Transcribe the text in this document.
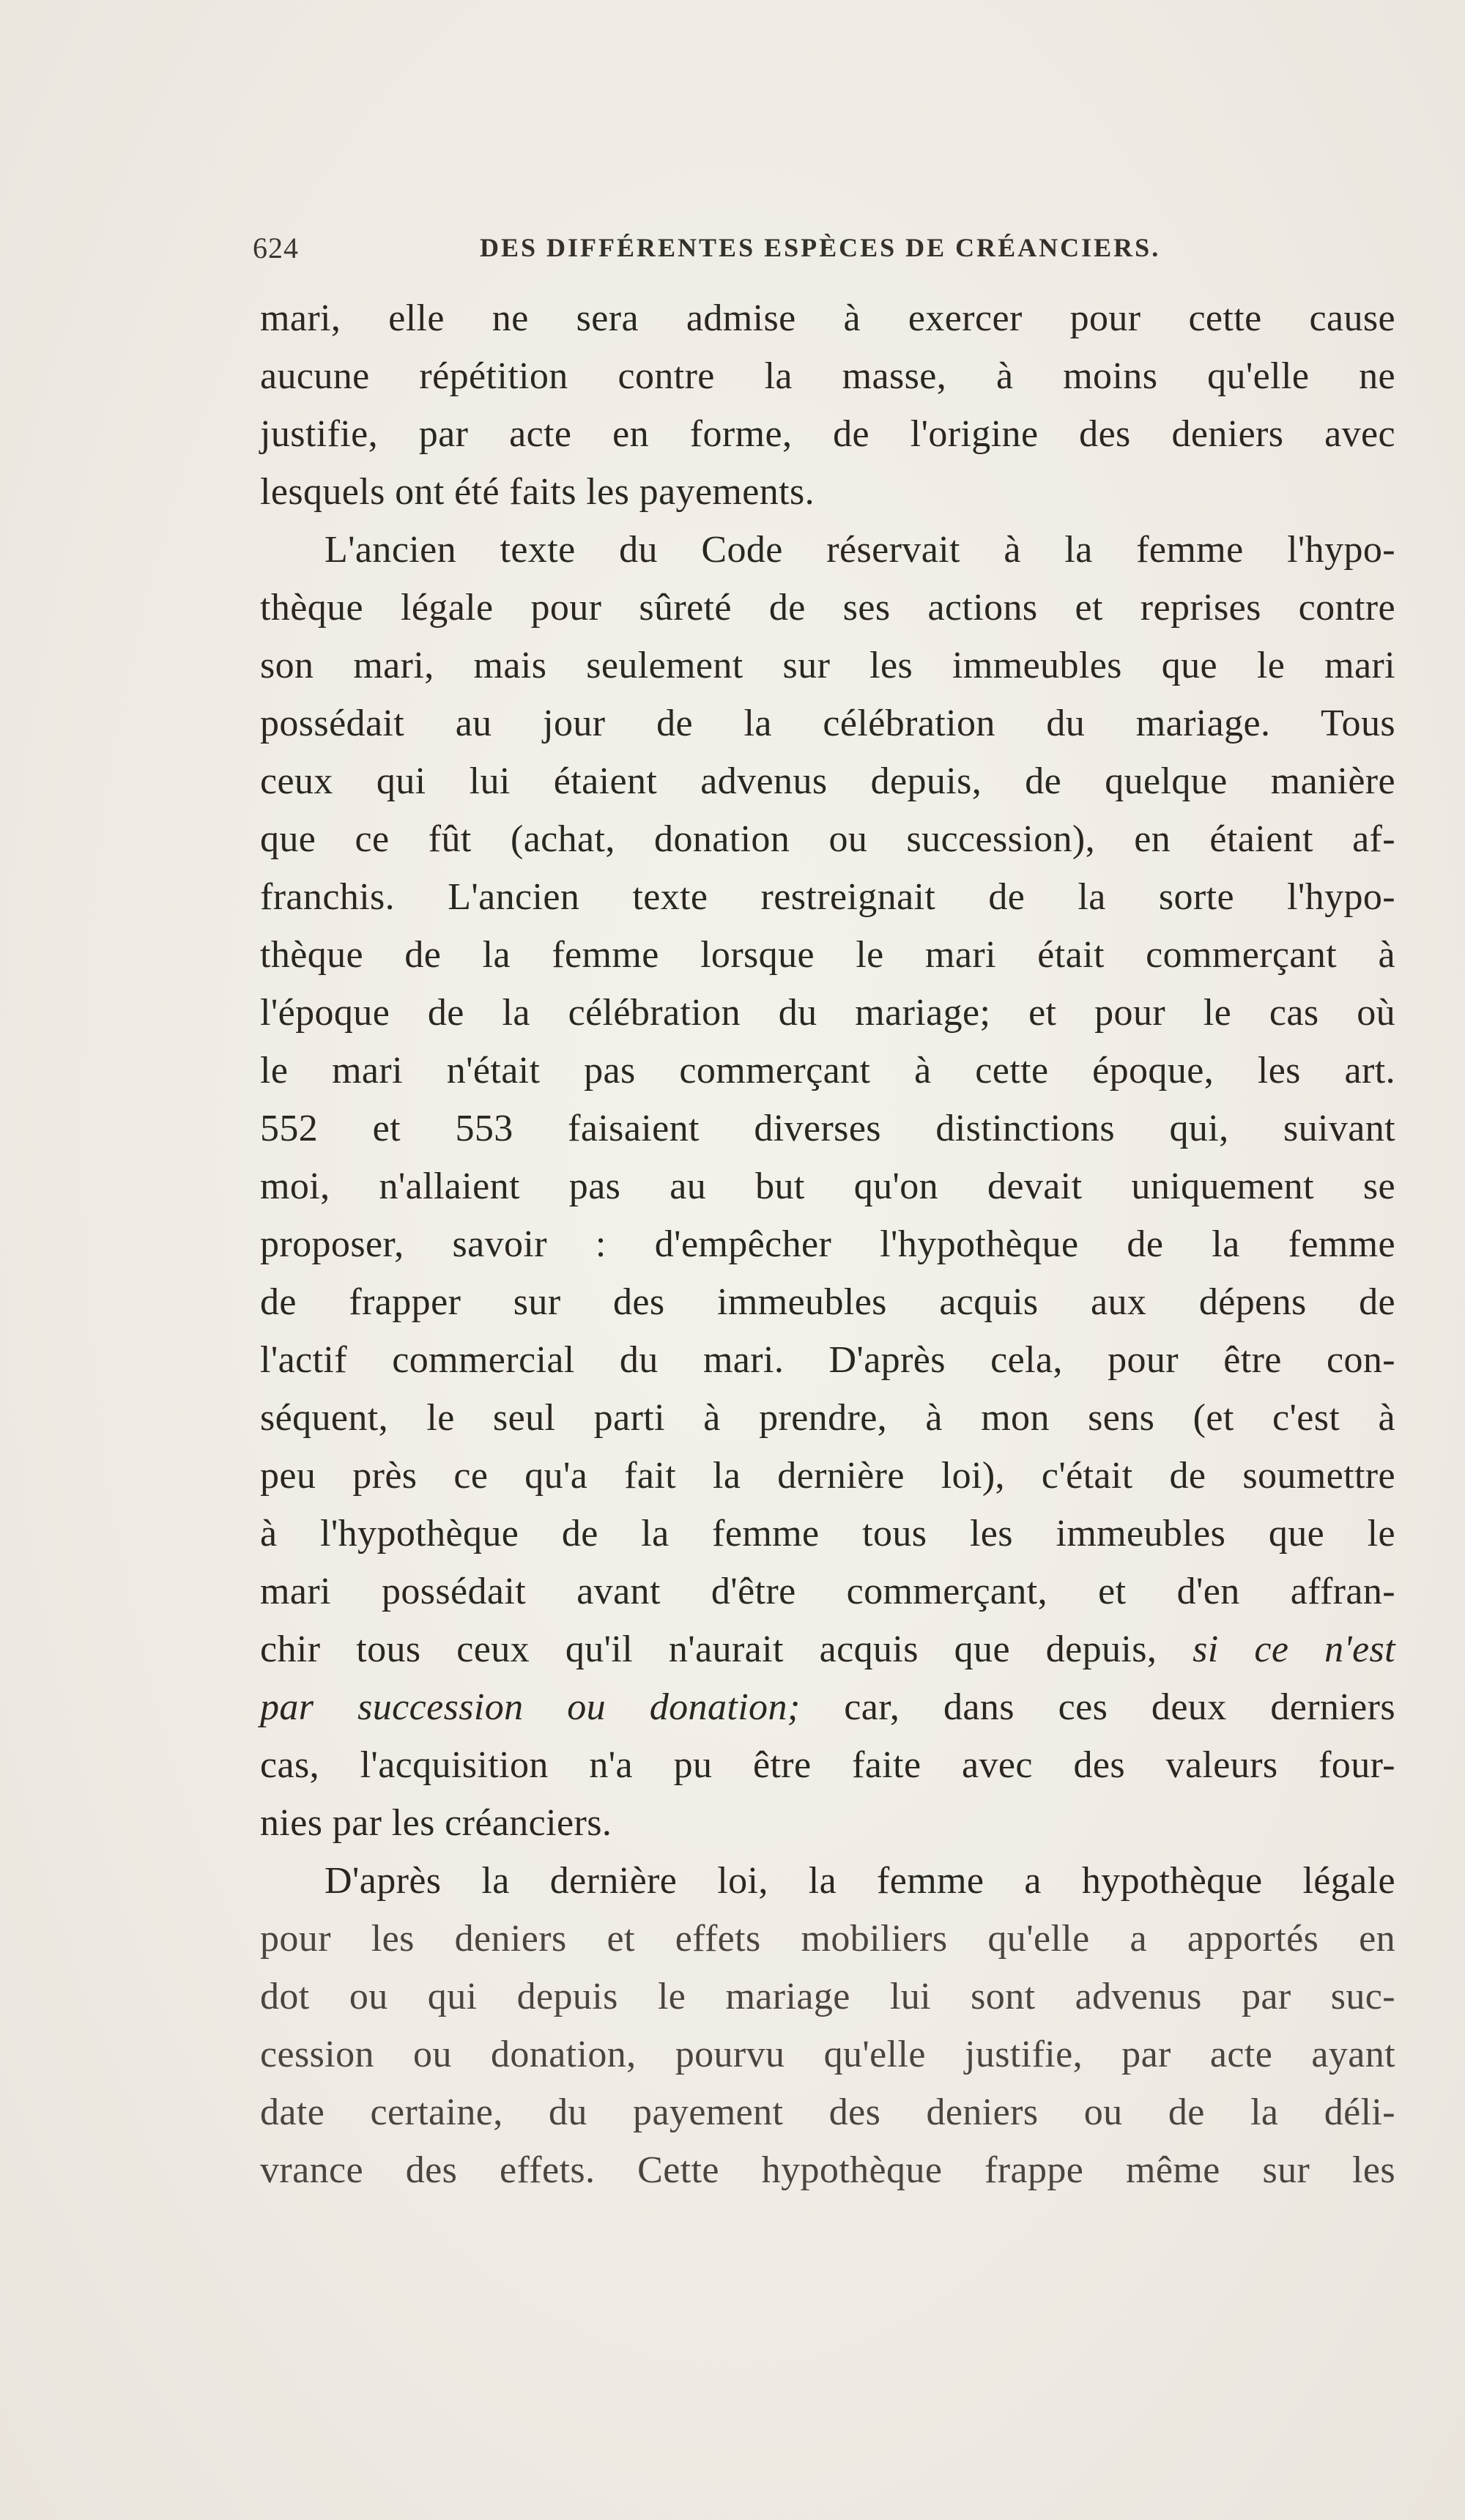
624	DES DIFFÉRENTES ESPÈCES DE CRÉANCIERS.
mari, elle ne sera admise à exercer pour cette cause
aucune répétition contre la masse, à moins qu'elle ne
justifie, par acte en forme, de l'origine des deniers avec
lesquels ont été faits les payements.
L'ancien texte du Code réservait à la femme l'hypo-
thèque légale pour sûreté de ses actions et reprises contre
son mari, mais seulement sur les immeubles que le mari
possédait au jour de la célébration du mariage. Tous
ceux qui lui étaient advenus depuis, de quelque manière
que ce fût (achat, donation ou succession), en étaient af-
franchis. L'ancien texte restreignait de la sorte l'hypo-
thèque de la femme lorsque le mari était commerçant à
l'époque de la célébration du mariage; et pour le cas où
le mari n'était pas commerçant à cette époque, les art.
552 et 553 faisaient diverses distinctions qui, suivant
moi, n'allaient pas au but qu'on devait uniquement se
proposer, savoir : d'empêcher l'hypothèque de la femme
de frapper sur des immeubles acquis aux dépens de
l'actif commercial du mari. D'après cela, pour être con-
séquent, le seul parti à prendre, à mon sens (et c'est à
peu près ce qu'a fait la dernière loi), c'était de soumettre
à l'hypothèque de la femme tous les immeubles que le
mari possédait avant d'être commerçant, et d'en affran-
chir tous ceux qu'il n'aurait acquis que depuis, si ce n'est
par succession ou donation; car, dans ces deux derniers
cas, l'acquisition n'a pu être faite avec des valeurs four-
nies par les créanciers.
D'après la dernière loi, la femme a hypothèque légale
pour les deniers et effets mobiliers qu'elle a apportés en
dot ou qui depuis le mariage lui sont advenus par suc-
cession ou donation, pourvu qu'elle justifie, par acte ayant
date certaine, du payement des deniers ou de la déli-
vrance des effets. Cette hypothèque frappe même sur les
